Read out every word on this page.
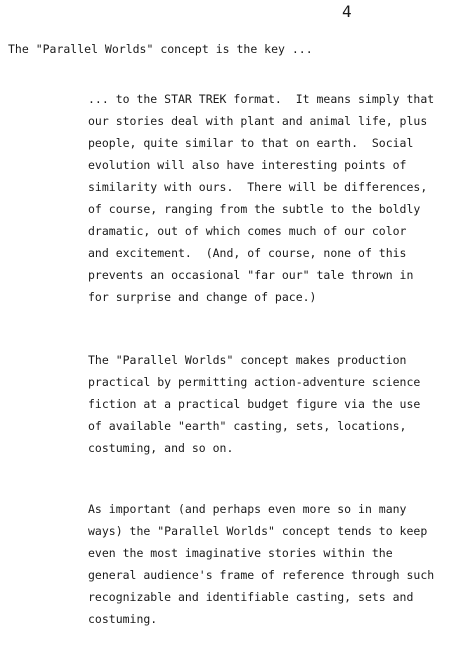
4
The "Parallel Worlds" concept is the key ...
... to the STAR TREK format.  It means simply that
our stories deal with plant and animal life, plus
people, quite similar to that on earth.  Social
evolution will also have interesting points of
similarity with ours.  There will be differences,
of course, ranging from the subtle to the boldly
dramatic, out of which comes much of our color
and excitement.  (And, of course, none of this
prevents an occasional "far our" tale thrown in
for surprise and change of pace.)
The "Parallel Worlds" concept makes production
practical by permitting action-adventure science
fiction at a practical budget figure via the use
of available "earth" casting, sets, locations,
costuming, and so on.
As important (and perhaps even more so in many
ways) the "Parallel Worlds" concept tends to keep
even the most imaginative stories within the
general audience's frame of reference through such
recognizable and identifiable casting, sets and
costuming.
